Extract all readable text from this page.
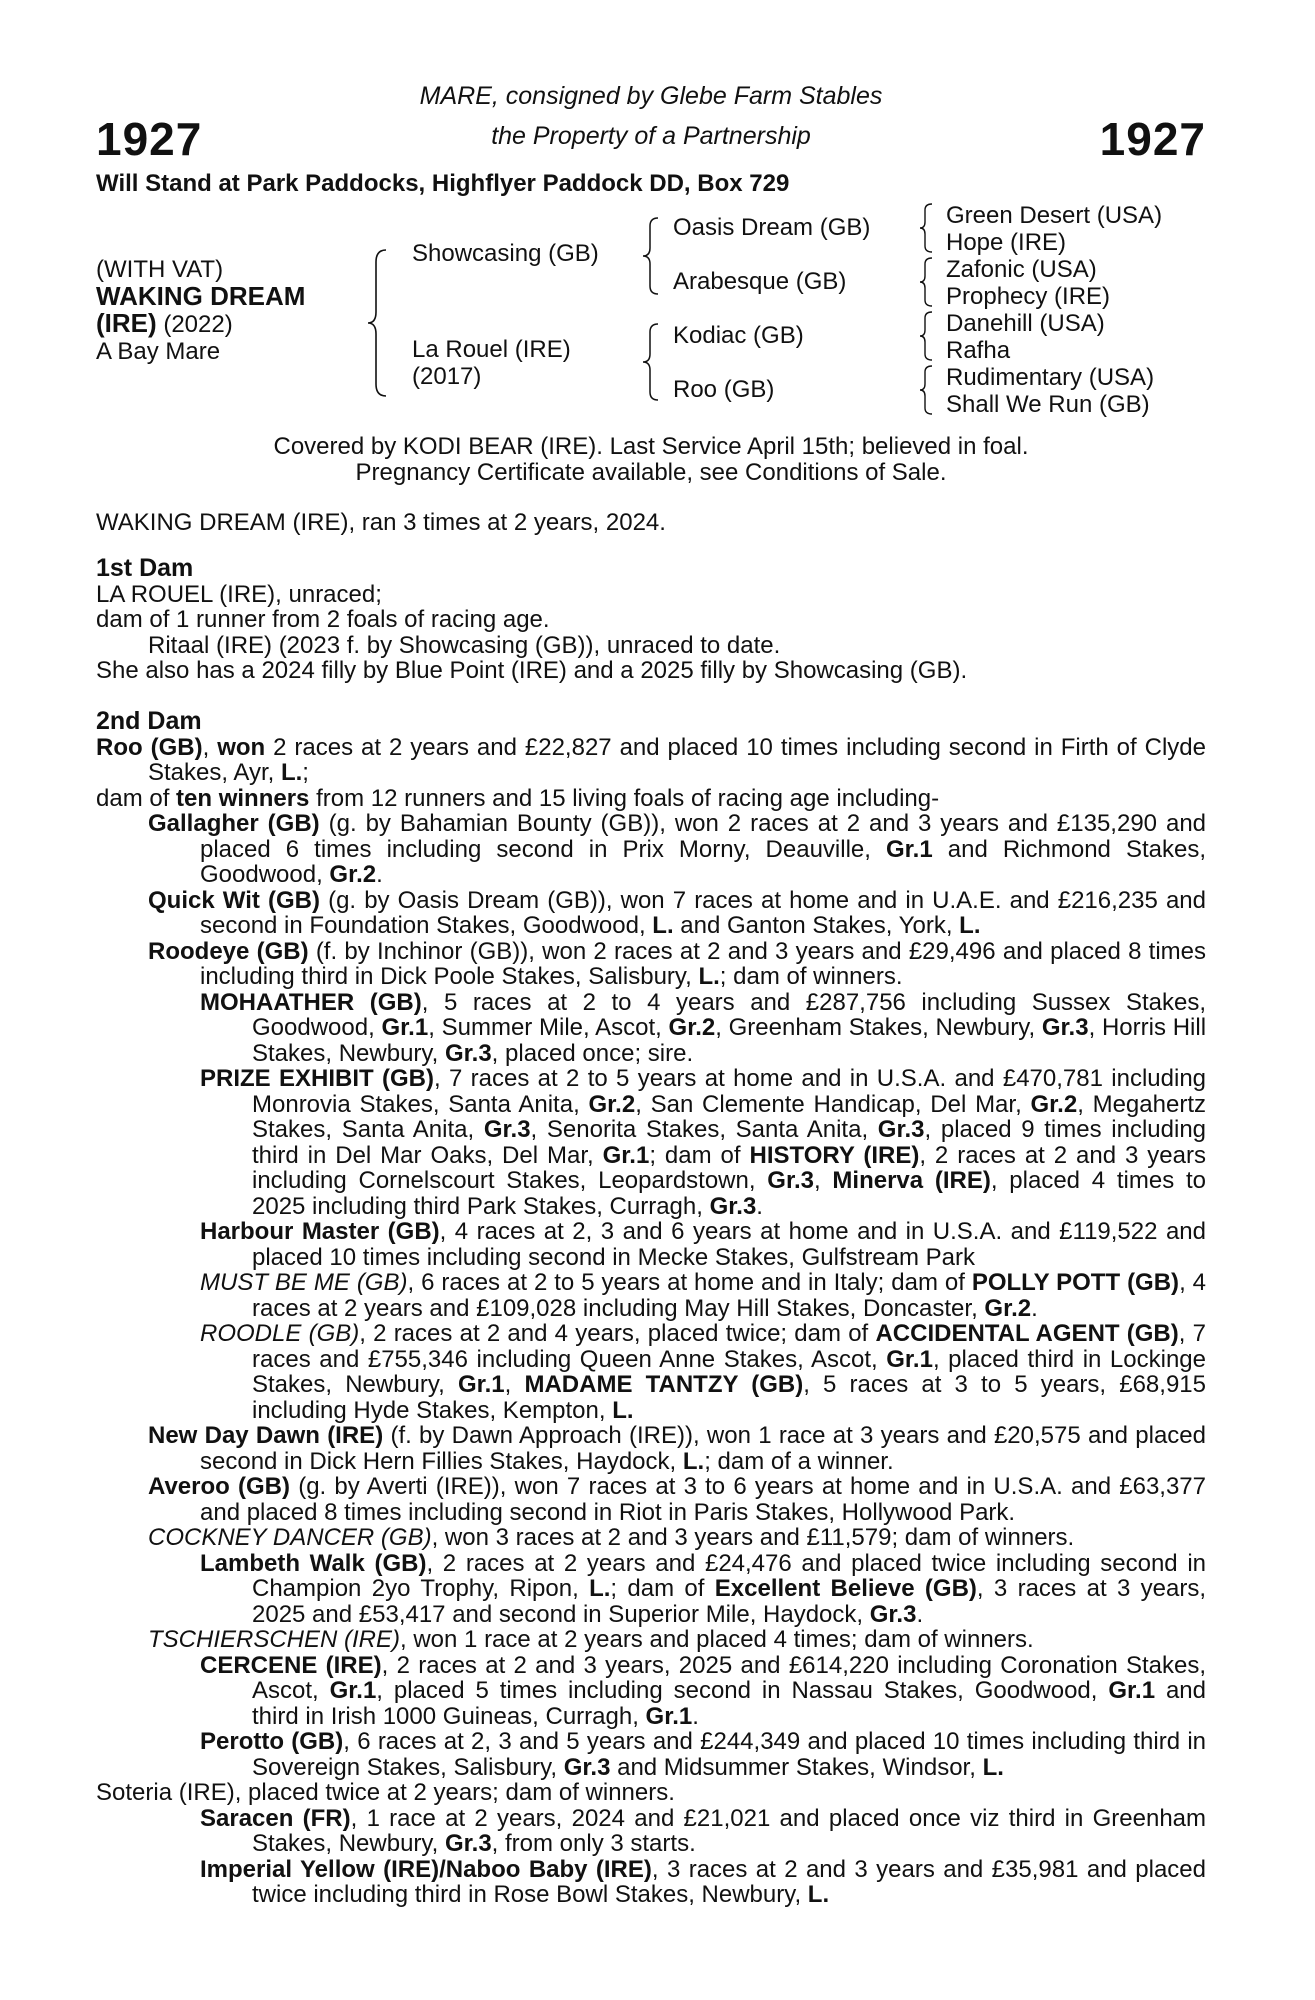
1927	1927
MARE, consigned by Glebe Farm Stables
the Property of a Partnership
Will Stand at Park Paddocks, Highflyer Paddock DD, Box 729
(WITH VAT)
WAKING DREAM
(IRE) (2022)
A Bay Mare
Showcasing (GB)
La Rouel (IRE)
(2017)
Oasis Dream (GB)
Arabesque (GB)
Kodiac (GB)
Roo (GB)
Green Desert (USA)
Hope (IRE)
Zafonic (USA)
Prophecy (IRE)
Danehill (USA)
Rafha
Rudimentary (USA)
Shall We Run (GB)
Covered by KODI BEAR (IRE). Last Service April 15th; believed in foal.
Pregnancy Certificate available, see Conditions of Sale.
WAKING DREAM (IRE), ran 3 times at 2 years, 2024.

1st Dam

LA ROUEL (IRE), unraced;

dam of 1 runner from 2 foals of racing age.

Ritaal (IRE) (2023 f. by Showcasing (GB)), unraced to date.

She also has a 2024 filly by Blue Point (IRE) and a 2025 filly by Showcasing (GB).

2nd Dam

Roo (GB), won 2 races at 2 years and £22,827 and placed 10 times including second in Firth of Clyde Stakes, Ayr, L.;

dam of ten winners from 12 runners and 15 living foals of racing age including-

Gallagher (GB) (g. by Bahamian Bounty (GB)), won 2 races at 2 and 3 years and £135,290 and placed 6 times including second in Prix Morny, Deauville, Gr.1 and Richmond Stakes, Goodwood, Gr.2.

Quick Wit (GB) (g. by Oasis Dream (GB)), won 7 races at home and in U.A.E. and £216,235 and second in Foundation Stakes, Goodwood, L. and Ganton Stakes, York, L.

Roodeye (GB) (f. by Inchinor (GB)), won 2 races at 2 and 3 years and £29,496 and placed 8 times including third in Dick Poole Stakes, Salisbury, L.; dam of winners.

MOHAATHER (GB), 5 races at 2 to 4 years and £287,756 including Sussex Stakes, Goodwood, Gr.1, Summer Mile, Ascot, Gr.2, Greenham Stakes, Newbury, Gr.3, Horris Hill Stakes, Newbury, Gr.3, placed once; sire.

PRIZE EXHIBIT (GB), 7 races at 2 to 5 years at home and in U.S.A. and £470,781 including Monrovia Stakes, Santa Anita, Gr.2, San Clemente Handicap, Del Mar, Gr.2, Megahertz Stakes, Santa Anita, Gr.3, Senorita Stakes, Santa Anita, Gr.3, placed 9 times including third in Del Mar Oaks, Del Mar, Gr.1; dam of HISTORY (IRE), 2 races at 2 and 3 years including Cornelscourt Stakes, Leopardstown, Gr.3, Minerva (IRE), placed 4 times to 2025 including third Park Stakes, Curragh, Gr.3.

Harbour Master (GB), 4 races at 2, 3 and 6 years at home and in U.S.A. and £119,522 and placed 10 times including second in Mecke Stakes, Gulfstream Park

MUST BE ME (GB), 6 races at 2 to 5 years at home and in Italy; dam of POLLY POTT (GB), 4 races at 2 years and £109,028 including May Hill Stakes, Doncaster, Gr.2.

ROODLE (GB), 2 races at 2 and 4 years, placed twice; dam of ACCIDENTAL AGENT (GB), 7 races and £755,346 including Queen Anne Stakes, Ascot, Gr.1, placed third in Lockinge Stakes, Newbury, Gr.1, MADAME TANTZY (GB), 5 races at 3 to 5 years, £68,915 including Hyde Stakes, Kempton, L.

New Day Dawn (IRE) (f. by Dawn Approach (IRE)), won 1 race at 3 years and £20,575 and placed second in Dick Hern Fillies Stakes, Haydock, L.; dam of a winner.

Averoo (GB) (g. by Averti (IRE)), won 7 races at 3 to 6 years at home and in U.S.A. and £63,377 and placed 8 times including second in Riot in Paris Stakes, Hollywood Park.

COCKNEY DANCER (GB), won 3 races at 2 and 3 years and £11,579; dam of winners.

Lambeth Walk (GB), 2 races at 2 years and £24,476 and placed twice including second in Champion 2yo Trophy, Ripon, L.; dam of Excellent Believe (GB), 3 races at 3 years, 2025 and £53,417 and second in Superior Mile, Haydock, Gr.3.

TSCHIERSCHEN (IRE), won 1 race at 2 years and placed 4 times; dam of winners.

CERCENE (IRE), 2 races at 2 and 3 years, 2025 and £614,220 including Coronation Stakes, Ascot, Gr.1, placed 5 times including second in Nassau Stakes, Goodwood, Gr.1 and third in Irish 1000 Guineas, Curragh, Gr.1.

Perotto (GB), 6 races at 2, 3 and 5 years and £244,349 and placed 10 times including third in Sovereign Stakes, Salisbury, Gr.3 and Midsummer Stakes, Windsor, L.

Soteria (IRE), placed twice at 2 years; dam of winners.

Saracen (FR), 1 race at 2 years, 2024 and £21,021 and placed once viz third in Greenham Stakes, Newbury, Gr.3, from only 3 starts.

Imperial Yellow (IRE)/Naboo Baby (IRE), 3 races at 2 and 3 years and £35,981 and placed twice including third in Rose Bowl Stakes, Newbury, L.
